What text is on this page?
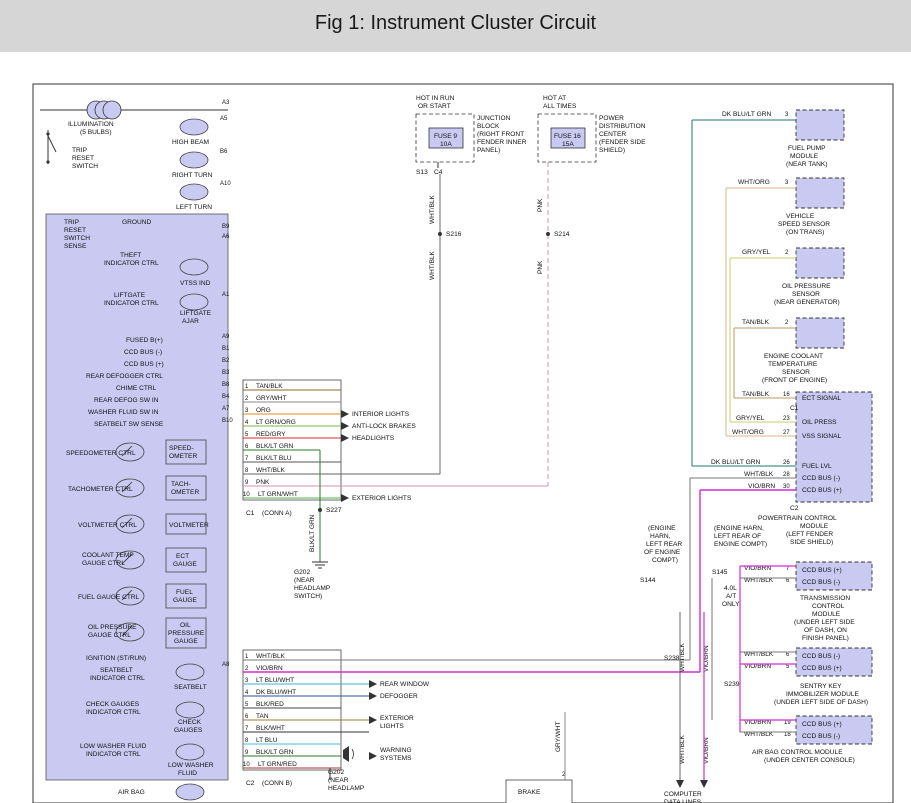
Fig 1: Instrument Cluster Circuit
ILLUMINATION
(5 BULBS)
A3
HIGH BEAM
A5
RIGHT TURN
B6
LEFT TURN
A10
TRIP
RESET
SWITCH
TRIP
RESET
SWITCH
SENSE
GROUND
B9
A6
THEFT
INDICATOR CTRL
VTSS IND
LIFTGATE
INDICATOR CTRL
LIFTGATE
AJAR
A1
FUSED B(+)	A9
CCD BUS (-)	B1
CCD BUS (+)	B2
REAR DEFOGGER CTRL	B3
CHIME CTRL	B8
REAR DEFOG SW IN	B4
WASHER FLUID SW IN	A7
SEATBELT SW SENSE	B10
SPEED-
OMETER
SPEEDOMETER CTRL
TACH-
OMETER
TACHOMETER CTRL
VOLTMETER
VOLTMETER CTRL
ECT
GAUGE
COOLANT TEMP
GAUGE CTRL
FUEL
GAUGE
FUEL GAUGE CTRL
OIL
PRESSURE
GAUGE
OIL PRESSURE
GAUGE CTRL
IGNITION (ST/RUN)
A8
SEATBELT
SEATBELT
INDICATOR CTRL
CHECK
GAUGES
CHECK GAUGES
INDICATOR CTRL
LOW WASHER
FLUID
LOW WASHER FLUID
INDICATOR CTRL
AIR BAG
C1 (CONN A)
1 TAN/BLK
2 GRY/WHT
3 ORG
INTERIOR LIGHTS
4 LT GRN/ORG
ANTI-LOCK BRAKES
5 RED/GRY
HEADLIGHTS
6 BLK/LT GRN
7 BLK/LT BLU
8 WHT/BLK
9 PNK
10 LT GRN/WHT
EXTERIOR LIGHTS
S227
BLK/LT GRN
G202
(NEAR
HEADLAMP
SWITCH)
C2 (CONN B)
1 WHT/BLK
2 VIO/BRN
3 LT BLU/WHT
REAR WINDOW
4 DK BLU/WHT
DEFOGGER
5 BLK/RED
6 TAN	EXTERIOR
7 BLK/WHT	LIGHTS
8 LT BLU
9 BLK/LT GRN	WARNING
10 LT GRN/RED
SYSTEMS
G202
(NEAR
HEADLAMP
HOT IN RUN
OR START
FUSE 9
10A
JUNCTION
BLOCK
(RIGHT FRONT
FENDER INNER
PANEL)
S13 C4
HOT AT
ALL TIMES
FUSE 16
15A
POWER
DISTRIBUTION
CENTER
(FENDER SIDE
SHIELD)
WHT/BLK
WHT/BLK
S216
PNK
PNK
S214
DK BLU/LT GRN 3
FUEL PUMP
MODULE
(NEAR TANK)
WHT/ORG	3
VEHICLE
SPEED SENSOR
(ON TRANS)
GRY/YEL 2
OIL PRESSURE
SENSOR
(NEAR GENERATOR)
TAN/BLK	2
ENGINE COOLANT
TEMPERATURE
SENSOR
(FRONT OF ENGINE)
TAN/BLK 16 ECT SIGNAL
C1
GRY/YEL	23 OIL PRESS
WHT/ORG	27 VSS SIGNAL
DK BLU/LT GRN	26 FUEL LVL
WHT/BLK 28 CCD BUS (-)
VIO/BRN 30 CCD BUS (+)
C2
POWERTRAIN CONTROL
MODULE
(LEFT FENDER
SIDE SHIELD)
(ENGINE
HARN,
LEFT REAR
OF ENGINE
COMPT)
S144
(ENGINE HARN,
LEFT REAR OF
ENGINE COMPT)
S145
VIO/BRN 7 CCD BUS (+)
WHT/BLK 6 CCD BUS (-)
TRANSMISSION
CONTROL
MODULE
(UNDER LEFT SIDE
OF DASH, ON
FINISH PANEL)
4.0L
A/T
ONLY
WHT/BLK 6 CCD BUS (-)
VIO/BRN 5 CCD BUS (+)
SENTRY KEY
IMMOBILIZER MODULE
(UNDER LEFT SIDE OF DASH)
VIO/BRN 19 CCD BUS (+)
WHT/BLK 18 CCD BUS (-)
AIR BAG CONTROL MODULE
(UNDER CENTER CONSOLE)
WHT/BLK	VIO/BRN
WHT/BLK	VIO/BRN
S238
S239
COMPUTER
DATA LINES
BRAKE
2
GRY/WHT
